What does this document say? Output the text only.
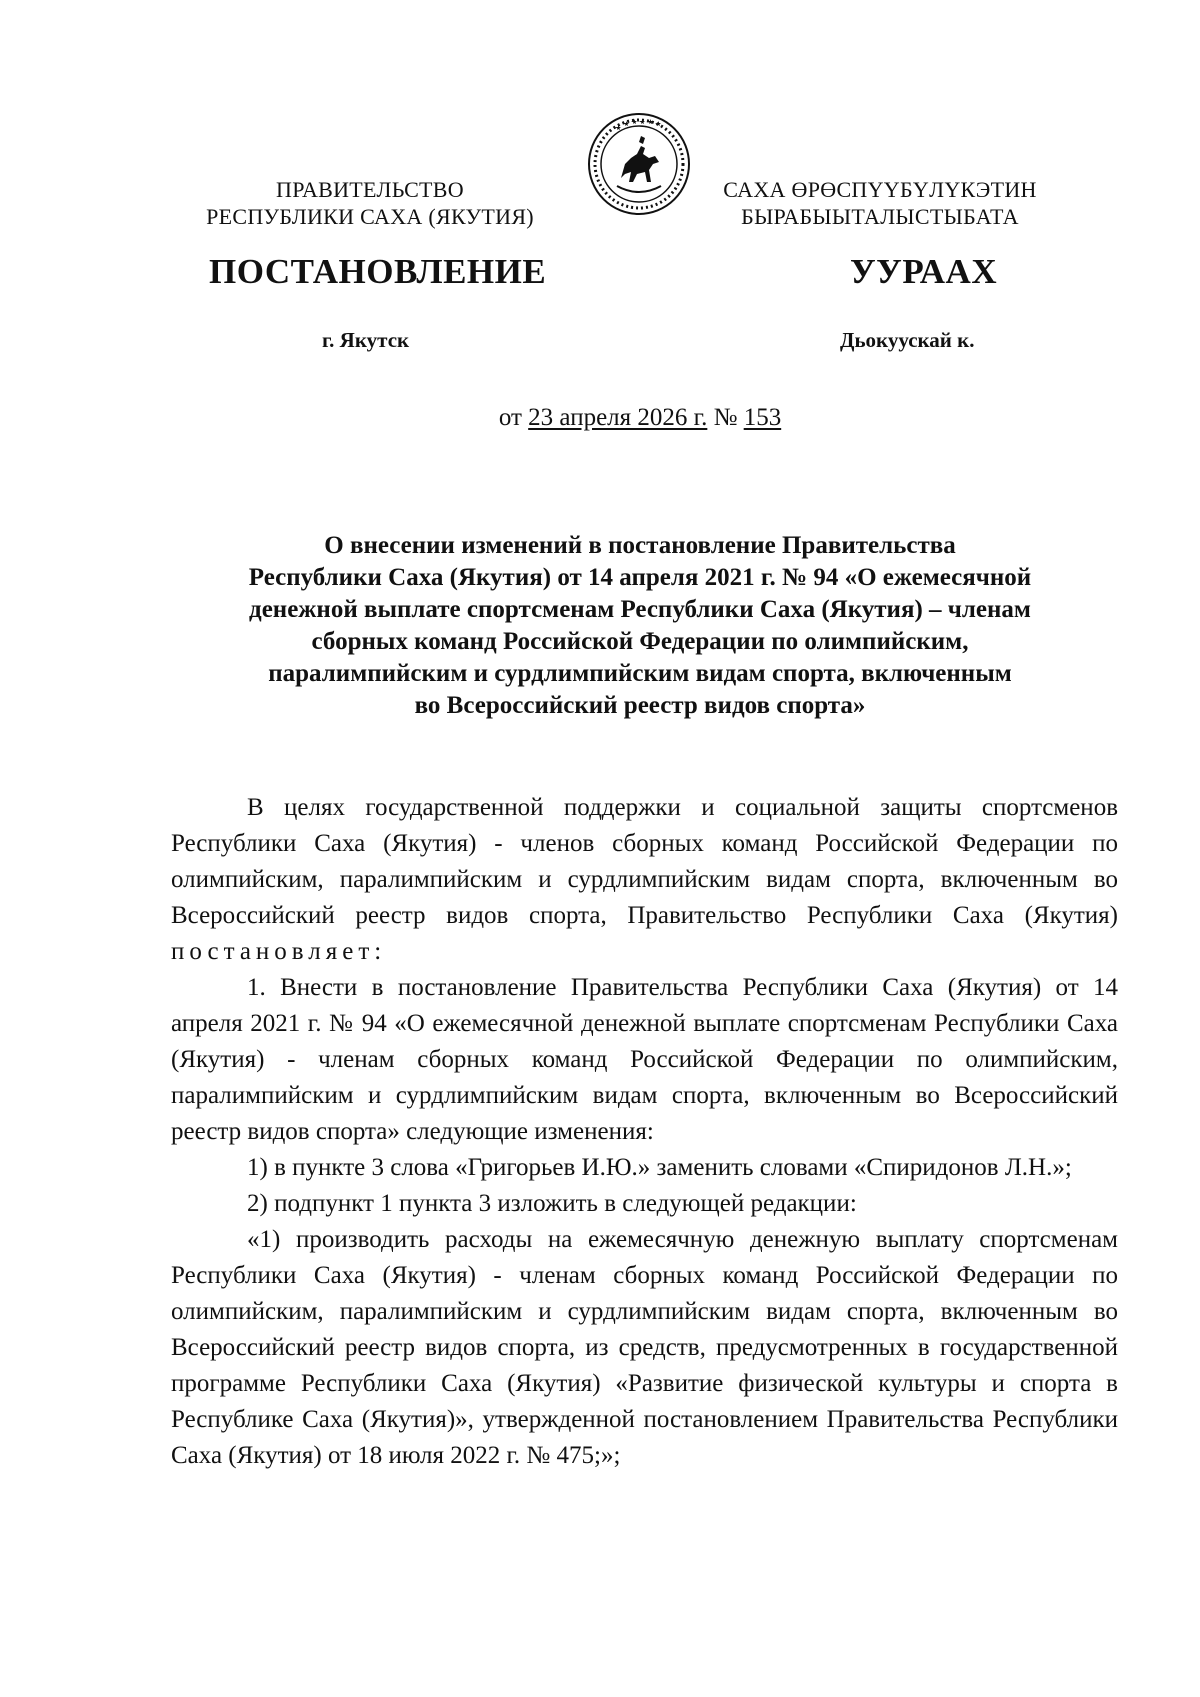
ПРАВИТЕЛЬСТВО
РЕСПУБЛИКИ САХА (ЯКУТИЯ)
САХА ӨРӨСПҮҮБҮЛҮКЭТИН
БЫРАБЫЫТАЛЫСТЫБАТА
ПОСТАНОВЛЕНИЕ	УУРААХ
г. Якутск	Дьокуускай к.
от 23 апреля 2026 г. № 153
О внесении изменений в постановление Правительства
Республики Саха (Якутия) от 14 апреля 2021 г. № 94 «О ежемесячной
денежной выплате спортсменам Республики Саха (Якутия) – членам
сборных команд Российской Федерации по олимпийским,
паралимпийским и сурдлимпийским видам спорта, включенным
во Всероссийский реестр видов спорта»

В целях государственной поддержки и социальной защиты спортсменов Республики Саха (Якутия) - членов сборных команд Российской Федерации по олимпийским, паралимпийским и сурдлимпийским видам спорта, включенным во Всероссийский реестр видов спорта, Правительство Республики Саха (Якутия) постановляет:

1. Внести в постановление Правительства Республики Саха (Якутия) от 14 апреля 2021 г. № 94 «О ежемесячной денежной выплате спортсменам Республики Саха (Якутия) - членам сборных команд Российской Федерации по олимпийским, паралимпийским и сурдлимпийским видам спорта, включенным во Всероссийский реестр видов спорта» следующие изменения:

1) в пункте 3 слова «Григорьев И.Ю.» заменить словами «Спиридонов Л.Н.»;

2) подпункт 1 пункта 3 изложить в следующей редакции:

«1) производить расходы на ежемесячную денежную выплату спортсменам Республики Саха (Якутия) - членам сборных команд Российской Федерации по олимпийским, паралимпийским и сурдлимпийским видам спорта, включенным во Всероссийский реестр видов спорта, из средств, предусмотренных в государственной программе Республики Саха (Якутия) «Развитие физической культуры и спорта в Республике Саха (Якутия)», утвержденной постановлением Правительства Республики Саха (Якутия) от 18 июля 2022 г. № 475;»;
